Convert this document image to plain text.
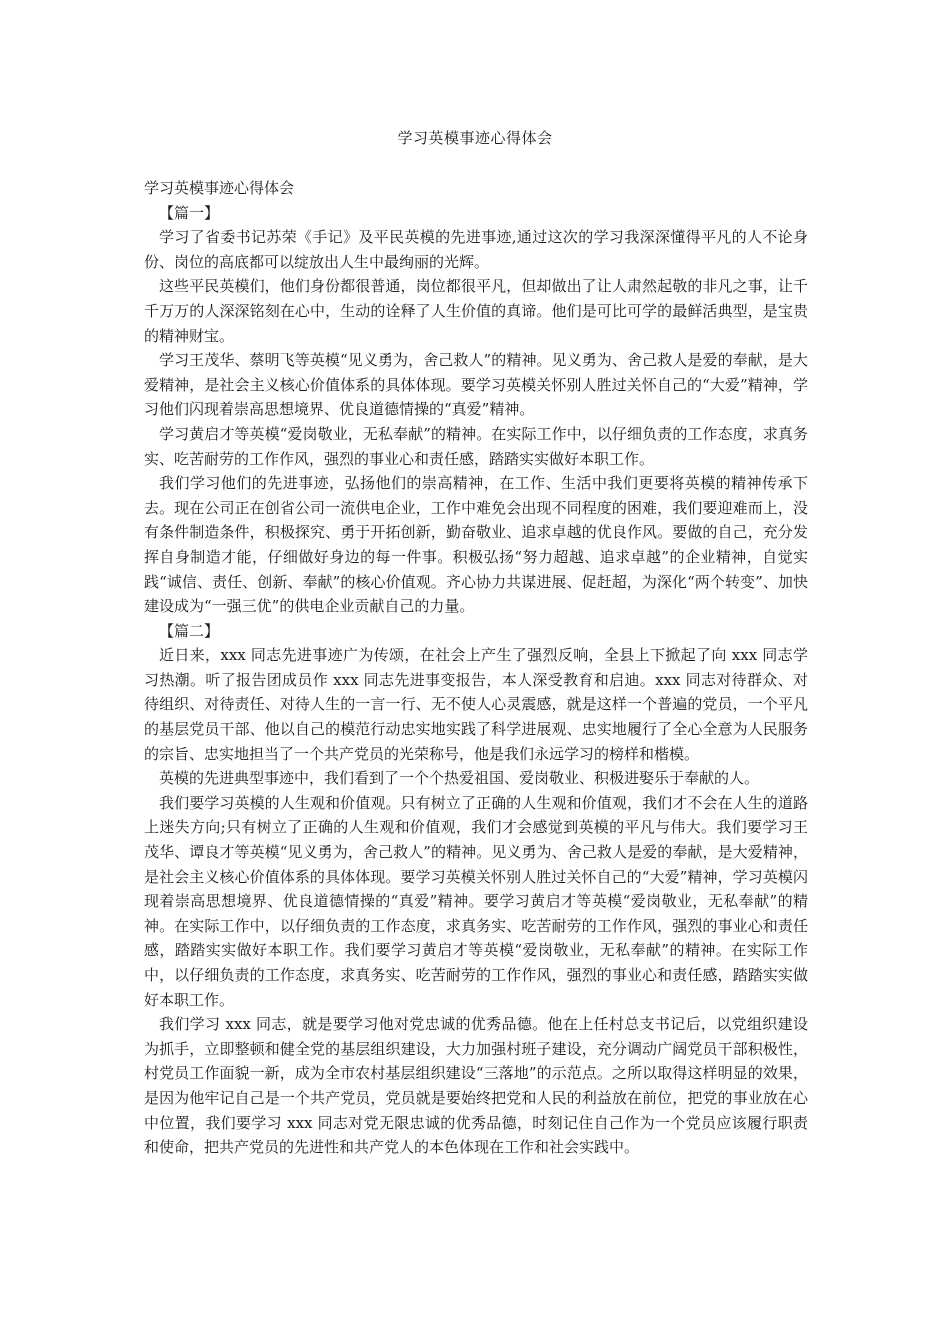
学习英模事迹心得体会

学习英模事迹心得体会

【篇一】

学习了省委书记苏荣《手记》及平民英模的先进事迹,通过这次的学习我深深懂得平凡的人不论身份、岗位的高底都可以绽放出人生中最绚丽的光辉。

这些平民英模们，他们身份都很普通，岗位都很平凡，但却做出了让人肃然起敬的非凡之事，让千千万万的人深深铭刻在心中，生动的诠释了人生价值的真谛。他们是可比可学的最鲜活典型，是宝贵的精神财宝。

学习王茂华、蔡明飞等英模“见义勇为，舍己救人”的精神。见义勇为、舍己救人是爱的奉献，是大爱精神，是社会主义核心价值体系的具体体现。要学习英模关怀别人胜过关怀自己的“大爱”精神，学习他们闪现着崇高思想境界、优良道德情操的“真爱”精神。

学习黄启才等英模“爱岗敬业，无私奉献”的精神。在实际工作中，以仔细负责的工作态度，求真务实、吃苦耐劳的工作作风，强烈的事业心和责任感，踏踏实实做好本职工作。

我们学习他们的先进事迹，弘扬他们的崇高精神，在工作、生活中我们更要将英模的精神传承下去。现在公司正在创省公司一流供电企业，工作中难免会出现不同程度的困难，我们要迎难而上，没有条件制造条件，积极探究、勇于开拓创新，勤奋敬业、追求卓越的优良作风。要做的自己，充分发挥自身制造才能，仔细做好身边的每一件事。积极弘扬“努力超越、追求卓越”的企业精神，自觉实践“诚信、责任、创新、奉献”的核心价值观。齐心协力共谋进展、促赶超，为深化“两个转变”、加快建设成为“一强三优”的供电企业贡献自己的力量。

【篇二】

近日来，xxx 同志先进事迹广为传颂，在社会上产生了强烈反响，全县上下掀起了向 xxx 同志学习热潮。听了报告团成员作 xxx 同志先进事变报告，本人深受教育和启迪。xxx 同志对待群众、对待组织、对待责任、对待人生的一言一行、无不使人心灵震感，就是这样一个普遍的党员，一个平凡的基层党员干部、他以自己的模范行动忠实地实践了科学进展观、忠实地履行了全心全意为人民服务的宗旨、忠实地担当了一个共产党员的光荣称号，他是我们永远学习的榜样和楷模。

英模的先进典型事迹中，我们看到了一个个热爱祖国、爱岗敬业、积极进娶乐于奉献的人。

我们要学习英模的人生观和价值观。只有树立了正确的人生观和价值观，我们才不会在人生的道路上迷失方向;只有树立了正确的人生观和价值观，我们才会感觉到英模的平凡与伟大。我们要学习王茂华、谭良才等英模“见义勇为，舍己救人”的精神。见义勇为、舍己救人是爱的奉献，是大爱精神，是社会主义核心价值体系的具体体现。要学习英模关怀别人胜过关怀自己的“大爱”精神，学习英模闪现着崇高思想境界、优良道德情操的“真爱”精神。要学习黄启才等英模“爱岗敬业，无私奉献”的精神。在实际工作中，以仔细负责的工作态度，求真务实、吃苦耐劳的工作作风，强烈的事业心和责任感，踏踏实实做好本职工作。我们要学习黄启才等英模“爱岗敬业，无私奉献”的精神。在实际工作中，以仔细负责的工作态度，求真务实、吃苦耐劳的工作作风，强烈的事业心和责任感，踏踏实实做好本职工作。

我们学习 xxx 同志，就是要学习他对党忠诚的优秀品德。他在上任村总支书记后，以党组织建设为抓手，立即整顿和健全党的基层组织建设，大力加强村班子建设，充分调动广阔党员干部积极性，村党员工作面貌一新，成为全市农村基层组织建设“三落地”的示范点。之所以取得这样明显的效果，是因为他牢记自己是一个共产党员，党员就是要始终把党和人民的利益放在前位，把党的事业放在心中位置，我们要学习 xxx 同志对党无限忠诚的优秀品德，时刻记住自己作为一个党员应该履行职责和使命，把共产党员的先进性和共产党人的本色体现在工作和社会实践中。
